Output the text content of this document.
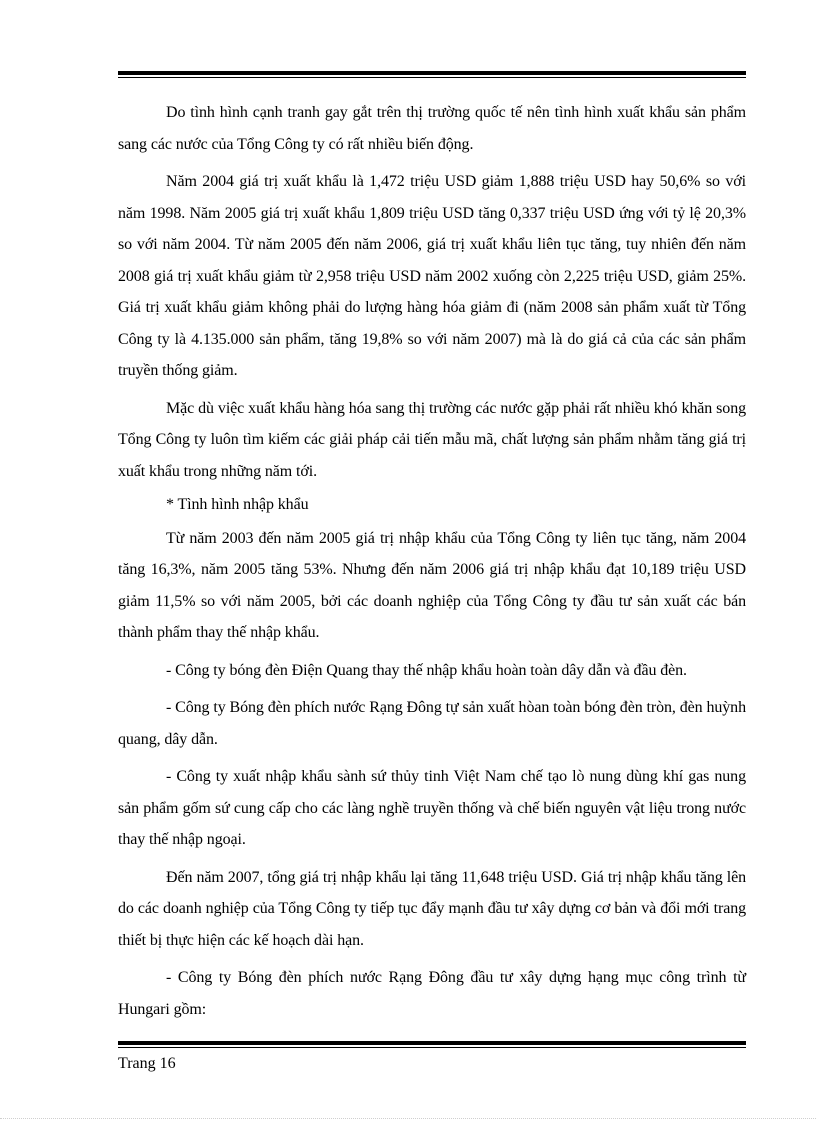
Do tình hình cạnh tranh gay gắt trên thị trường quốc tế nên tình hình xuất khẩu sản phẩm sang các nước của Tổng Công ty có rất nhiều biến động.

Năm 2004 giá trị xuất khẩu là 1,472 triệu USD giảm 1,888 triệu USD hay 50,6% so với năm 1998. Năm 2005 giá trị xuất khẩu 1,809 triệu USD tăng 0,337 triệu USD ứng với tỷ lệ 20,3% so với năm 2004. Từ năm 2005 đến năm 2006, giá trị xuất khẩu liên tục tăng, tuy nhiên đến năm 2008 giá trị xuất khẩu giảm từ 2,958 triệu USD năm 2002 xuống còn 2,225 triệu USD, giảm 25%. Giá trị xuất khẩu giảm không phải do lượng hàng hóa giảm đi (năm 2008 sản phẩm xuất từ Tổng Công ty là 4.135.000 sản phẩm, tăng 19,8% so với năm 2007) mà là do giá cả của các sản phẩm truyền thống giảm.

Mặc dù việc xuất khẩu hàng hóa sang thị trường các nước gặp phải rất nhiều khó khăn song Tổng Công ty luôn tìm kiếm các giải pháp cải tiến mẫu mã, chất lượng sản phẩm nhằm tăng giá trị xuất khẩu trong những năm tới.

* Tình hình nhập khẩu

Từ năm 2003 đến năm 2005 giá trị nhập khẩu của Tổng Công ty liên tục tăng, năm 2004 tăng 16,3%, năm 2005 tăng 53%. Nhưng đến năm 2006 giá trị nhập khẩu đạt 10,189 triệu USD giảm 11,5% so với năm 2005, bởi các doanh nghiệp của Tổng Công ty đầu tư sản xuất các bán thành phẩm thay thế nhập khẩu.

- Công ty bóng đèn Điện Quang thay thế nhập khẩu hoàn toàn dây dẫn và đầu đèn.

- Công ty Bóng đèn phích nước Rạng Đông tự sản xuất hòan toàn bóng đèn tròn, đèn huỳnh quang, dây dẫn.

- Công ty xuất nhập khẩu sành sứ thủy tinh Việt Nam chế tạo lò nung dùng khí gas nung sản phẩm gốm sứ cung cấp cho các làng nghề truyền thống và chế biến nguyên vật liệu trong nước thay thế nhập ngoại.

Đến năm 2007, tổng giá trị nhập khẩu lại tăng 11,648 triệu USD. Giá trị nhập khẩu tăng lên do các doanh nghiệp của Tổng Công ty tiếp tục đẩy mạnh đầu tư xây dựng cơ bản và đổi mới trang thiết bị thực hiện các kế hoạch dài hạn.

- Công ty Bóng đèn phích nước Rạng Đông đầu tư xây dựng hạng mục công trình từ Hungari gồm:

Trang 16
